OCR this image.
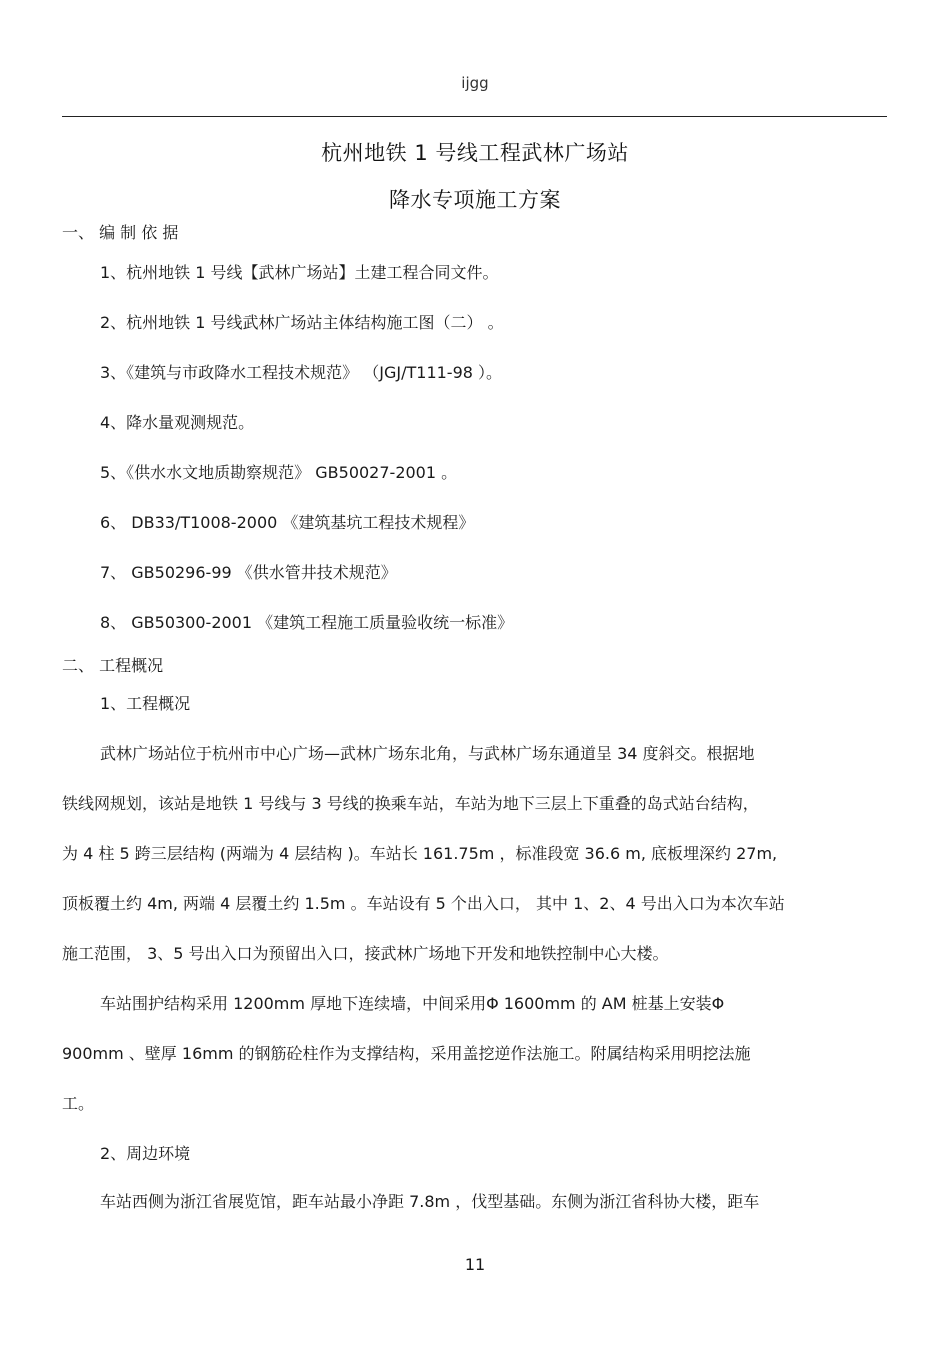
ijgg
杭州地铁 1 号线工程武林广场站
降水专项施工方案
一、 编 制 依 据
1、杭州地铁 1 号线【武林广场站】土建工程合同文件。
2、杭州地铁 1 号线武林广场站主体结构施工图（二） 。
3、《建筑与市政降水工程技术规范》 （JGJ/T111-98 ）。
4、降水量观测规范。
5、《供水水文地质勘察规范》 GB50027-2001 。
6、 DB33/T1008-2000 《建筑基坑工程技术规程》
7、 GB50296-99 《供水管井技术规范》
8、 GB50300-2001 《建筑工程施工质量验收统一标准》
二、 工程概况
1、工程概况
武林广场站位于杭州市中心广场—武林广场东北角，与武林广场东通道呈 34 度斜交。根据地
铁线网规划，该站是地铁 1 号线与 3 号线的换乘车站，车站为地下三层上下重叠的岛式站台结构，
为 4 柱 5 跨三层结构 (两端为 4 层结构 )。车站长 161.75m ，标准段宽 36.6 m, 底板埋深约 27m,
顶板覆土约 4m, 两端 4 层覆土约 1.5m 。车站设有 5 个出入口， 其中 1、2、4 号出入口为本次车站
施工范围， 3、5 号出入口为预留出入口，接武林广场地下开发和地铁控制中心大楼。
车站围护结构采用 1200mm 厚地下连续墙，中间采用Φ 1600mm 的 AM 桩基上安装Φ
900mm 、壁厚 16mm 的钢筋砼柱作为支撑结构，采用盖挖逆作法施工。附属结构采用明挖法施
工。
2、周边环境
车站西侧为浙江省展览馆，距车站最小净距 7.8m ，伐型基础。东侧为浙江省科协大楼，距车
11
